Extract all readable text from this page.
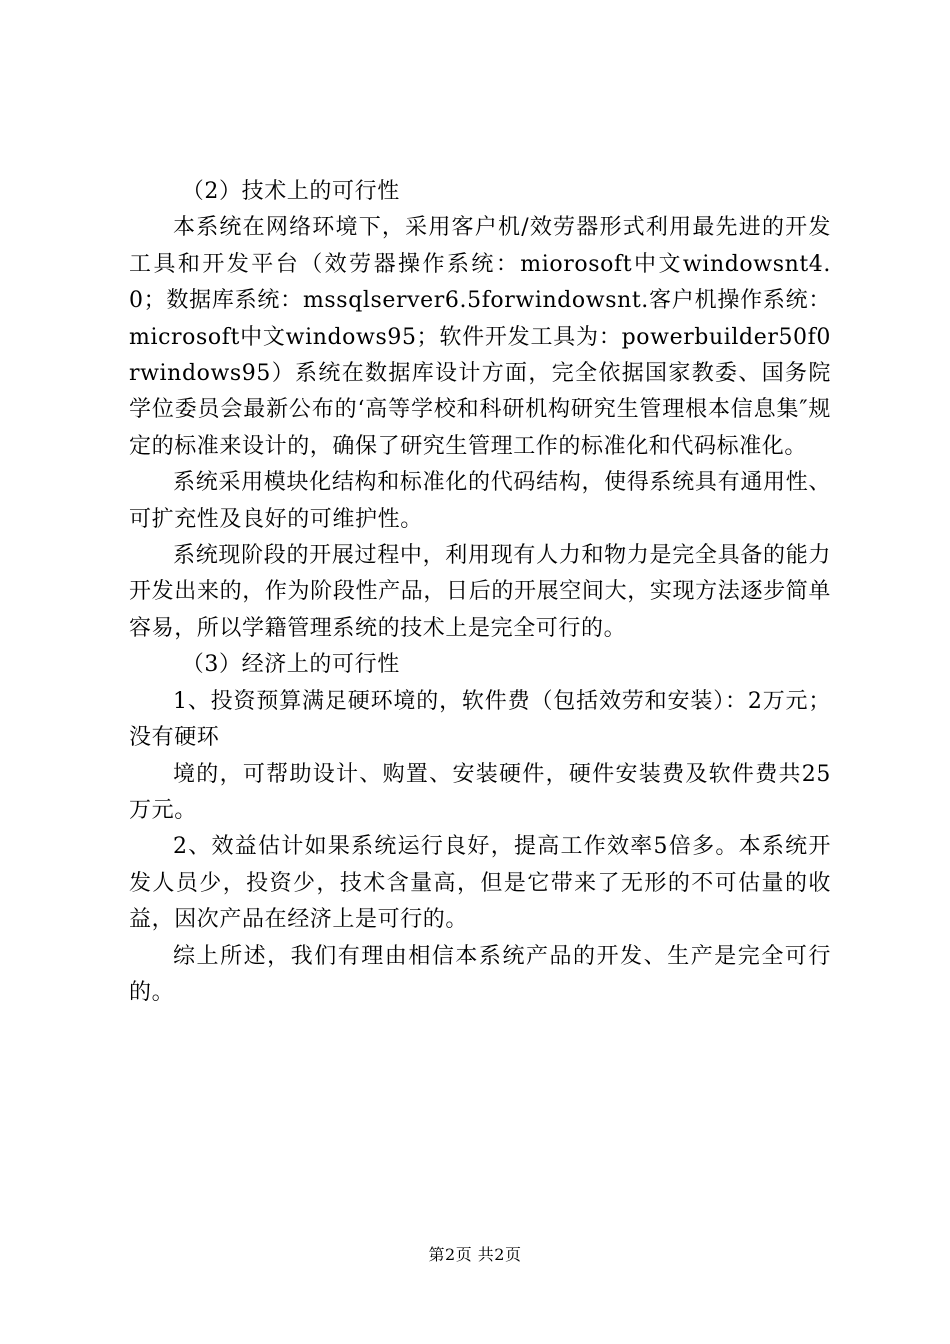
（2）技术上的可行性

本系统在网络环境下，采用客户机/效劳器形式利用最先进的开发工具和开发平台（效劳器操作系统：miorosoft中文windowsnt4.0；数据库系统：mssqlserver6.5forwindowsnt.客户机操作系统：microsoft中文windows95；软件开发工具为：powerbuilder50f0rwindows95）系统在数据库设计方面，完全依据国家教委、国务院学位委员会最新公布的‘高等学校和科研机构研究生管理根本信息集″规定的标准来设计的，确保了研究生管理工作的标准化和代码标准化。

系统采用模块化结构和标准化的代码结构，使得系统具有通用性、可扩充性及良好的可维护性。

系统现阶段的开展过程中，利用现有人力和物力是完全具备的能力开发出来的，作为阶段性产品，日后的开展空间大，实现方法逐步简单容易，所以学籍管理系统的技术上是完全可行的。

（3）经济上的可行性

1、投资预算满足硬环境的，软件费（包括效劳和安装）：2万元；没有硬环

境的，可帮助设计、购置、安装硬件，硬件安装费及软件费共25万元。

2、效益估计如果系统运行良好，提高工作效率5倍多。本系统开发人员少，投资少，技术含量高，但是它带来了无形的不可估量的收益，因次产品在经济上是可行的。

综上所述，我们有理由相信本系统产品的开发、生产是完全可行的。

第2页 共2页
